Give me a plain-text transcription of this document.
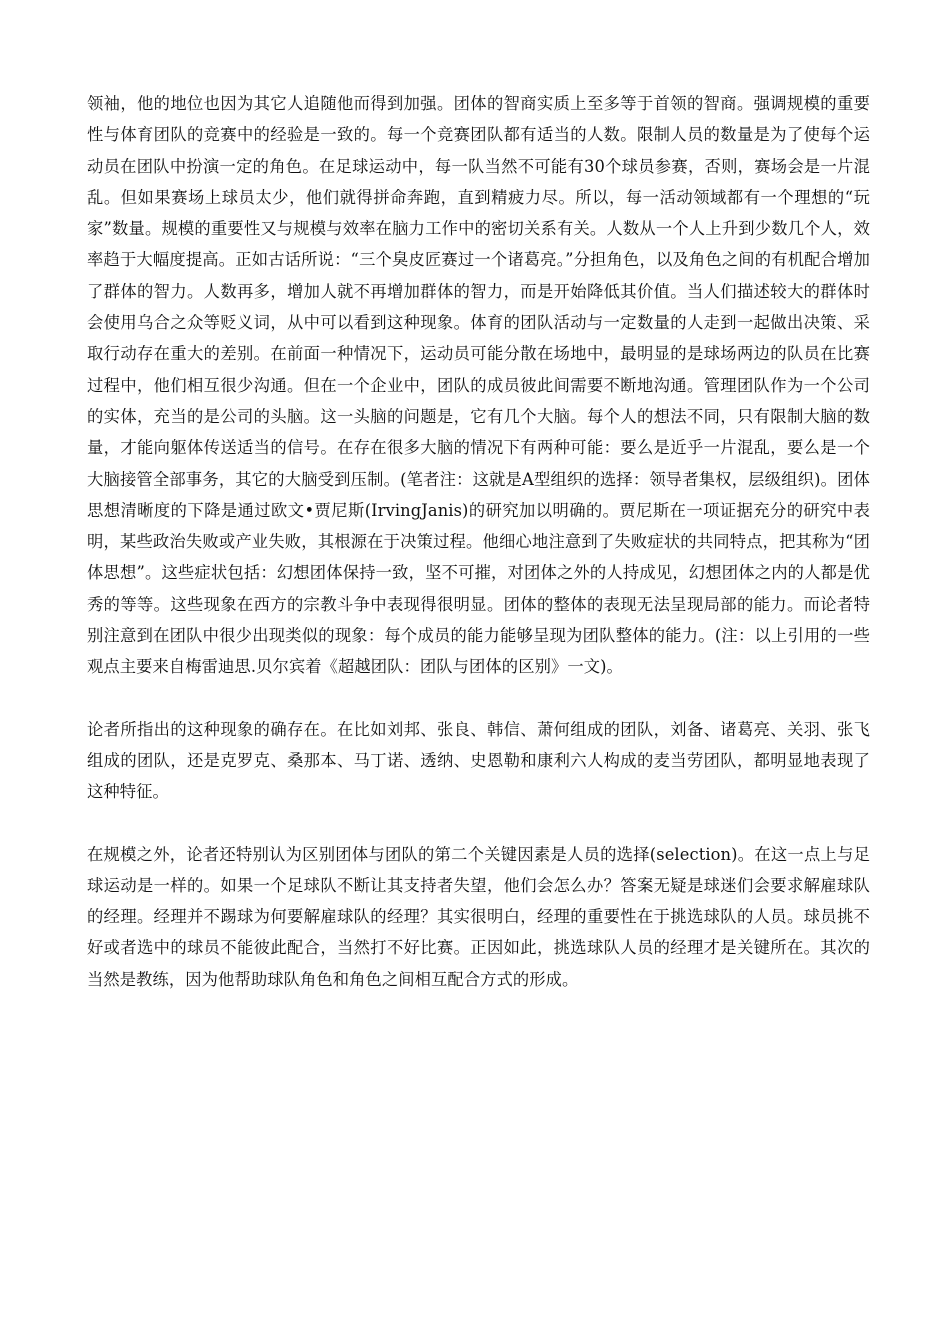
领袖，他的地位也因为其它人追随他而得到加强。团体的智商实质上至多等于首领的智商。强调规模的重要性与体育团队的竞赛中的经验是一致的。每一个竞赛团队都有适当的人数。限制人员的数量是为了使每个运动员在团队中扮演一定的角色。在足球运动中，每一队当然不可能有30个球员参赛，否则，赛场会是一片混乱。但如果赛场上球员太少，他们就得拼命奔跑，直到精疲力尽。所以，每一活动领域都有一个理想的“玩家”数量。规模的重要性又与规模与效率在脑力工作中的密切关系有关。人数从一个人上升到少数几个人，效率趋于大幅度提高。正如古话所说：“三个臭皮匠赛过一个诸葛亮。”分担角色，以及角色之间的有机配合增加了群体的智力。人数再多，增加人就不再增加群体的智力，而是开始降低其价值。当人们描述较大的群体时会使用乌合之众等贬义词，从中可以看到这种现象。体育的团队活动与一定数量的人走到一起做出决策、采取行动存在重大的差别。在前面一种情况下，运动员可能分散在场地中，最明显的是球场两边的队员在比赛过程中，他们相互很少沟通。但在一个企业中，团队的成员彼此间需要不断地沟通。管理团队作为一个公司的实体，充当的是公司的头脑。这一头脑的问题是，它有几个大脑。每个人的想法不同，只有限制大脑的数量，才能向躯体传送适当的信号。在存在很多大脑的情况下有两种可能：要么是近乎一片混乱，要么是一个大脑接管全部事务，其它的大脑受到压制。(笔者注：这就是A型组织的选择：领导者集权，层级组织)。团体思想清晰度的下降是通过欧文•贾尼斯(IrvingJanis)的研究加以明确的。贾尼斯在一项证据充分的研究中表明，某些政治失败或产业失败，其根源在于决策过程。他细心地注意到了失败症状的共同特点，把其称为“团体思想”。这些症状包括：幻想团体保持一致，坚不可摧，对团体之外的人持成见，幻想团体之内的人都是优秀的等等。这些现象在西方的宗教斗争中表现得很明显。团体的整体的表现无法呈现局部的能力。而论者特别注意到在团队中很少出现类似的现象：每个成员的能力能够呈现为团队整体的能力。(注：以上引用的一些观点主要来自梅雷迪思.贝尔宾着《超越团队：团队与团体的区别》一文)。

论者所指出的这种现象的确存在。在比如刘邦、张良、韩信、萧何组成的团队，刘备、诸葛亮、关羽、张飞组成的团队，还是克罗克、桑那本、马丁诺、透纳、史恩勒和康利六人构成的麦当劳团队，都明显地表现了这种特征。

在规模之外，论者还特别认为区别团体与团队的第二个关键因素是人员的选择(selection)。在这一点上与足球运动是一样的。如果一个足球队不断让其支持者失望，他们会怎么办？答案无疑是球迷们会要求解雇球队的经理。经理并不踢球为何要解雇球队的经理？其实很明白，经理的重要性在于挑选球队的人员。球员挑不好或者选中的球员不能彼此配合，当然打不好比赛。正因如此，挑选球队人员的经理才是关键所在。其次的当然是教练，因为他帮助球队角色和角色之间相互配合方式的形成。
